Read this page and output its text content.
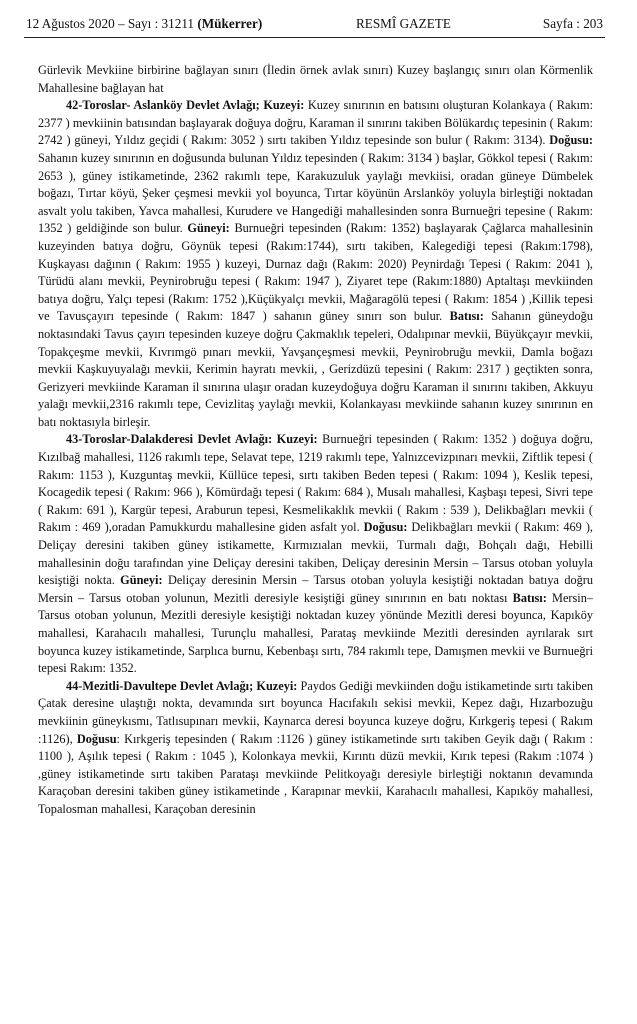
12 Ağustos 2020 – Sayı : 31211 (Mükerrer)	RESMÎ GAZETE	Sayfa : 203

Gürlevik Mevkiine birbirine bağlayan sınırı (İledin örnek avlak sınırı) Kuzey başlangıç sınırı olan Körmenlik Mahallesine bağlayan hat

42-Toroslar- Aslanköy Devlet Avlağı; Kuzeyi: Kuzey sınırının en batısını oluşturan Kolankaya ( Rakım: 2377 ) mevkiinin batısından başlayarak doğuya doğru, Karaman il sınırını takiben Bölükardıç tepesinin ( Rakım: 2742 ) güneyi, Yıldız geçidi ( Rakım: 3052 ) sırtı takiben Yıldız tepesinde son bulur ( Rakım: 3134). Doğusu: Sahanın kuzey sınırının en doğusunda bulunan Yıldız tepesinden ( Rakım: 3134 ) başlar, Gökkol tepesi ( Rakım: 2653 ), güney istikametinde, 2362 rakımlı tepe, Karakuzuluk yaylağı mevkiisi, oradan güneye Dümbelek boğazı, Tırtar köyü, Şeker çeşmesi mevkii yol boyunca, Tırtar köyünün Arslanköy yoluyla birleştiği noktadan asvalt yolu takiben, Yavca mahallesi, Kurudere ve Hangediği mahallesinden sonra Burnueğri tepesine ( Rakım: 1352 ) geldiğinde son bulur. Güneyi: Burnuеğri tepesinden (Rakım: 1352) başlayarak Çağlarca mahallesinin kuzeyinden batıya doğru, Göynük tepesi (Rakım:1744), sırtı takiben, Kalegediği tepesi (Rakım:1798), Kuşkayası dağının ( Rakım: 1955 ) kuzeyi, Durnaz dağı (Rakım: 2020) Peynirdağı Tepesi ( Rakım: 2041 ), Türüdü alanı mevkii, Peynirobruğu tepesi ( Rakım: 1947 ), Ziyaret tepe (Rakım:1880) Aptaltaşı mevkiinden batıya doğru, Yalçı tepesi (Rakım: 1752 ),Küçükyalçı mevkii, Mağaragölü tepesi ( Rakım: 1854 ) ,Killik tepesi ve Tavusçayırı tepesinde ( Rakım: 1847 ) sahanın güney sınırı son bulur. Batısı: Sahanın güneydoğu noktasındaki Tavus çayırı tepesinden kuzeye doğru Çakmaklık tepeleri, Odalıpınar mevkii, Büyükçayır mevkii, Topakçeşme mevkii, Kıvrımgö pınarı mevkii, Yavşançeşmesi mevkii, Peynirobruğu mevkii, Damla boğazı mevkii Kaşkuyuyalağı mevkii, Kerimin hayratı mevkii, , Gerizdüzü tepesini ( Rakım: 2317 ) geçtikten sonra, Gerizyeri mevkiinde Karaman il sınırına ulaşır oradan kuzeydoğuya doğru Karaman il sınırını takiben, Akkuyu yalağı mevkii,2316 rakımlı tepe, Cevizlitaş yaylağı mevkii, Kolankayası mevkiinde sahanın kuzey sınırının en batı noktasıyla birleşir.

43-Toroslar-Dalakderesi Devlet Avlağı: Kuzeyi: Burnuеğri tepesinden ( Rakım: 1352 ) doğuya doğru, Kızılbağ mahallesi, 1126 rakımlı tepe, Selavat tepe, 1219 rakımlı tepe, Yalnızcevizpınarı mevkii, Ziftlik tepesi ( Rakım: 1153 ), Kuzguntaş mevkii, Küllüce tepesi, sırtı takiben Beden tepesi ( Rakım: 1094 ), Keslik tepesi, Kocagedik tepesi ( Rakım: 966 ), Kömürdağı tepesi ( Rakım: 684 ), Musalı mahallesi, Kaşbaşı tepesi, Sivri tepe ( Rakım: 691 ), Kargür tepesi, Araburun tepesi, Kesmelikaklık mevkii ( Rakım : 539 ), Delikbağları mevkii ( Rakım : 469 ),oradan Pamukkurdu mahallesine giden asfalt yol. Doğusu: Delikbağları mevkii ( Rakım: 469 ), Deliçay deresini takiben güney istikamette, Kırmızıalan mevkii, Turmalı dağı, Bohçalı dağı, Hebilli mahallesinin doğu tarafından yine Deliçay deresini takiben, Deliçay deresinin Mersin – Tarsus otoban yoluyla kesiştiği nokta. Güneyi: Deliçay deresinin Mersin – Tarsus otoban yoluyla kesiştiği noktadan batıya doğru Mersin – Tarsus otoban yolunun, Mezitli deresiyle kesiştiği güney sınırının en batı noktası Batısı: Mersin–Tarsus otoban yolunun, Mezitli deresiyle kesiştiği noktadan kuzey yönünde Mezitli deresi boyunca, Kapıköy mahallesi, Karahacılı mahallesi, Turunçlu mahallesi, Parataş mevkiinde Mezitli deresinden ayrılarak sırt boyunca kuzey istikametinde, Sarplıca burnu, Kebenbaşı sırtı, 784 rakımlı tepe, Damışmen mevkii ve Burnuеğri tepesi Rakım: 1352.

44-Mezitli-Davultepe Devlet Avlağı; Kuzeyi: Paydos Gediği mevkiinden doğu istikametinde sırtı takiben Çatak deresine ulaştığı nokta, devamında sırt boyunca Hacıfakılı sekisi mevkii, Kepez dağı, Hızarbozuğu mevkiinin güneykısmı, Tatlısupınarı mevkii, Kaynarca deresi boyunca kuzeye doğru, Kırkgeriş tepesi ( Rakım :1126), Doğusu: Kırkgeriş tepesinden ( Rakım :1126 ) güney istikametinde sırtı takiben Geyik dağı ( Rakım : 1100 ), Aşılık tepesi ( Rakım : 1045 ), Kolonkaya mevkii, Kırıntı düzü mevkii, Kırık tepesi (Rakım :1074 ) ,güney istikametinde sırtı takiben Parataşı mevkiinde Pelitkoyağı deresiyle birleştiği noktanın devamında Karaçoban deresini takiben güney istikametinde , Karapınar mevkii, Karahacılı mahallesi, Kapıköy mahallesi, Topalosman mahallesi, Karaçoban deresinin
